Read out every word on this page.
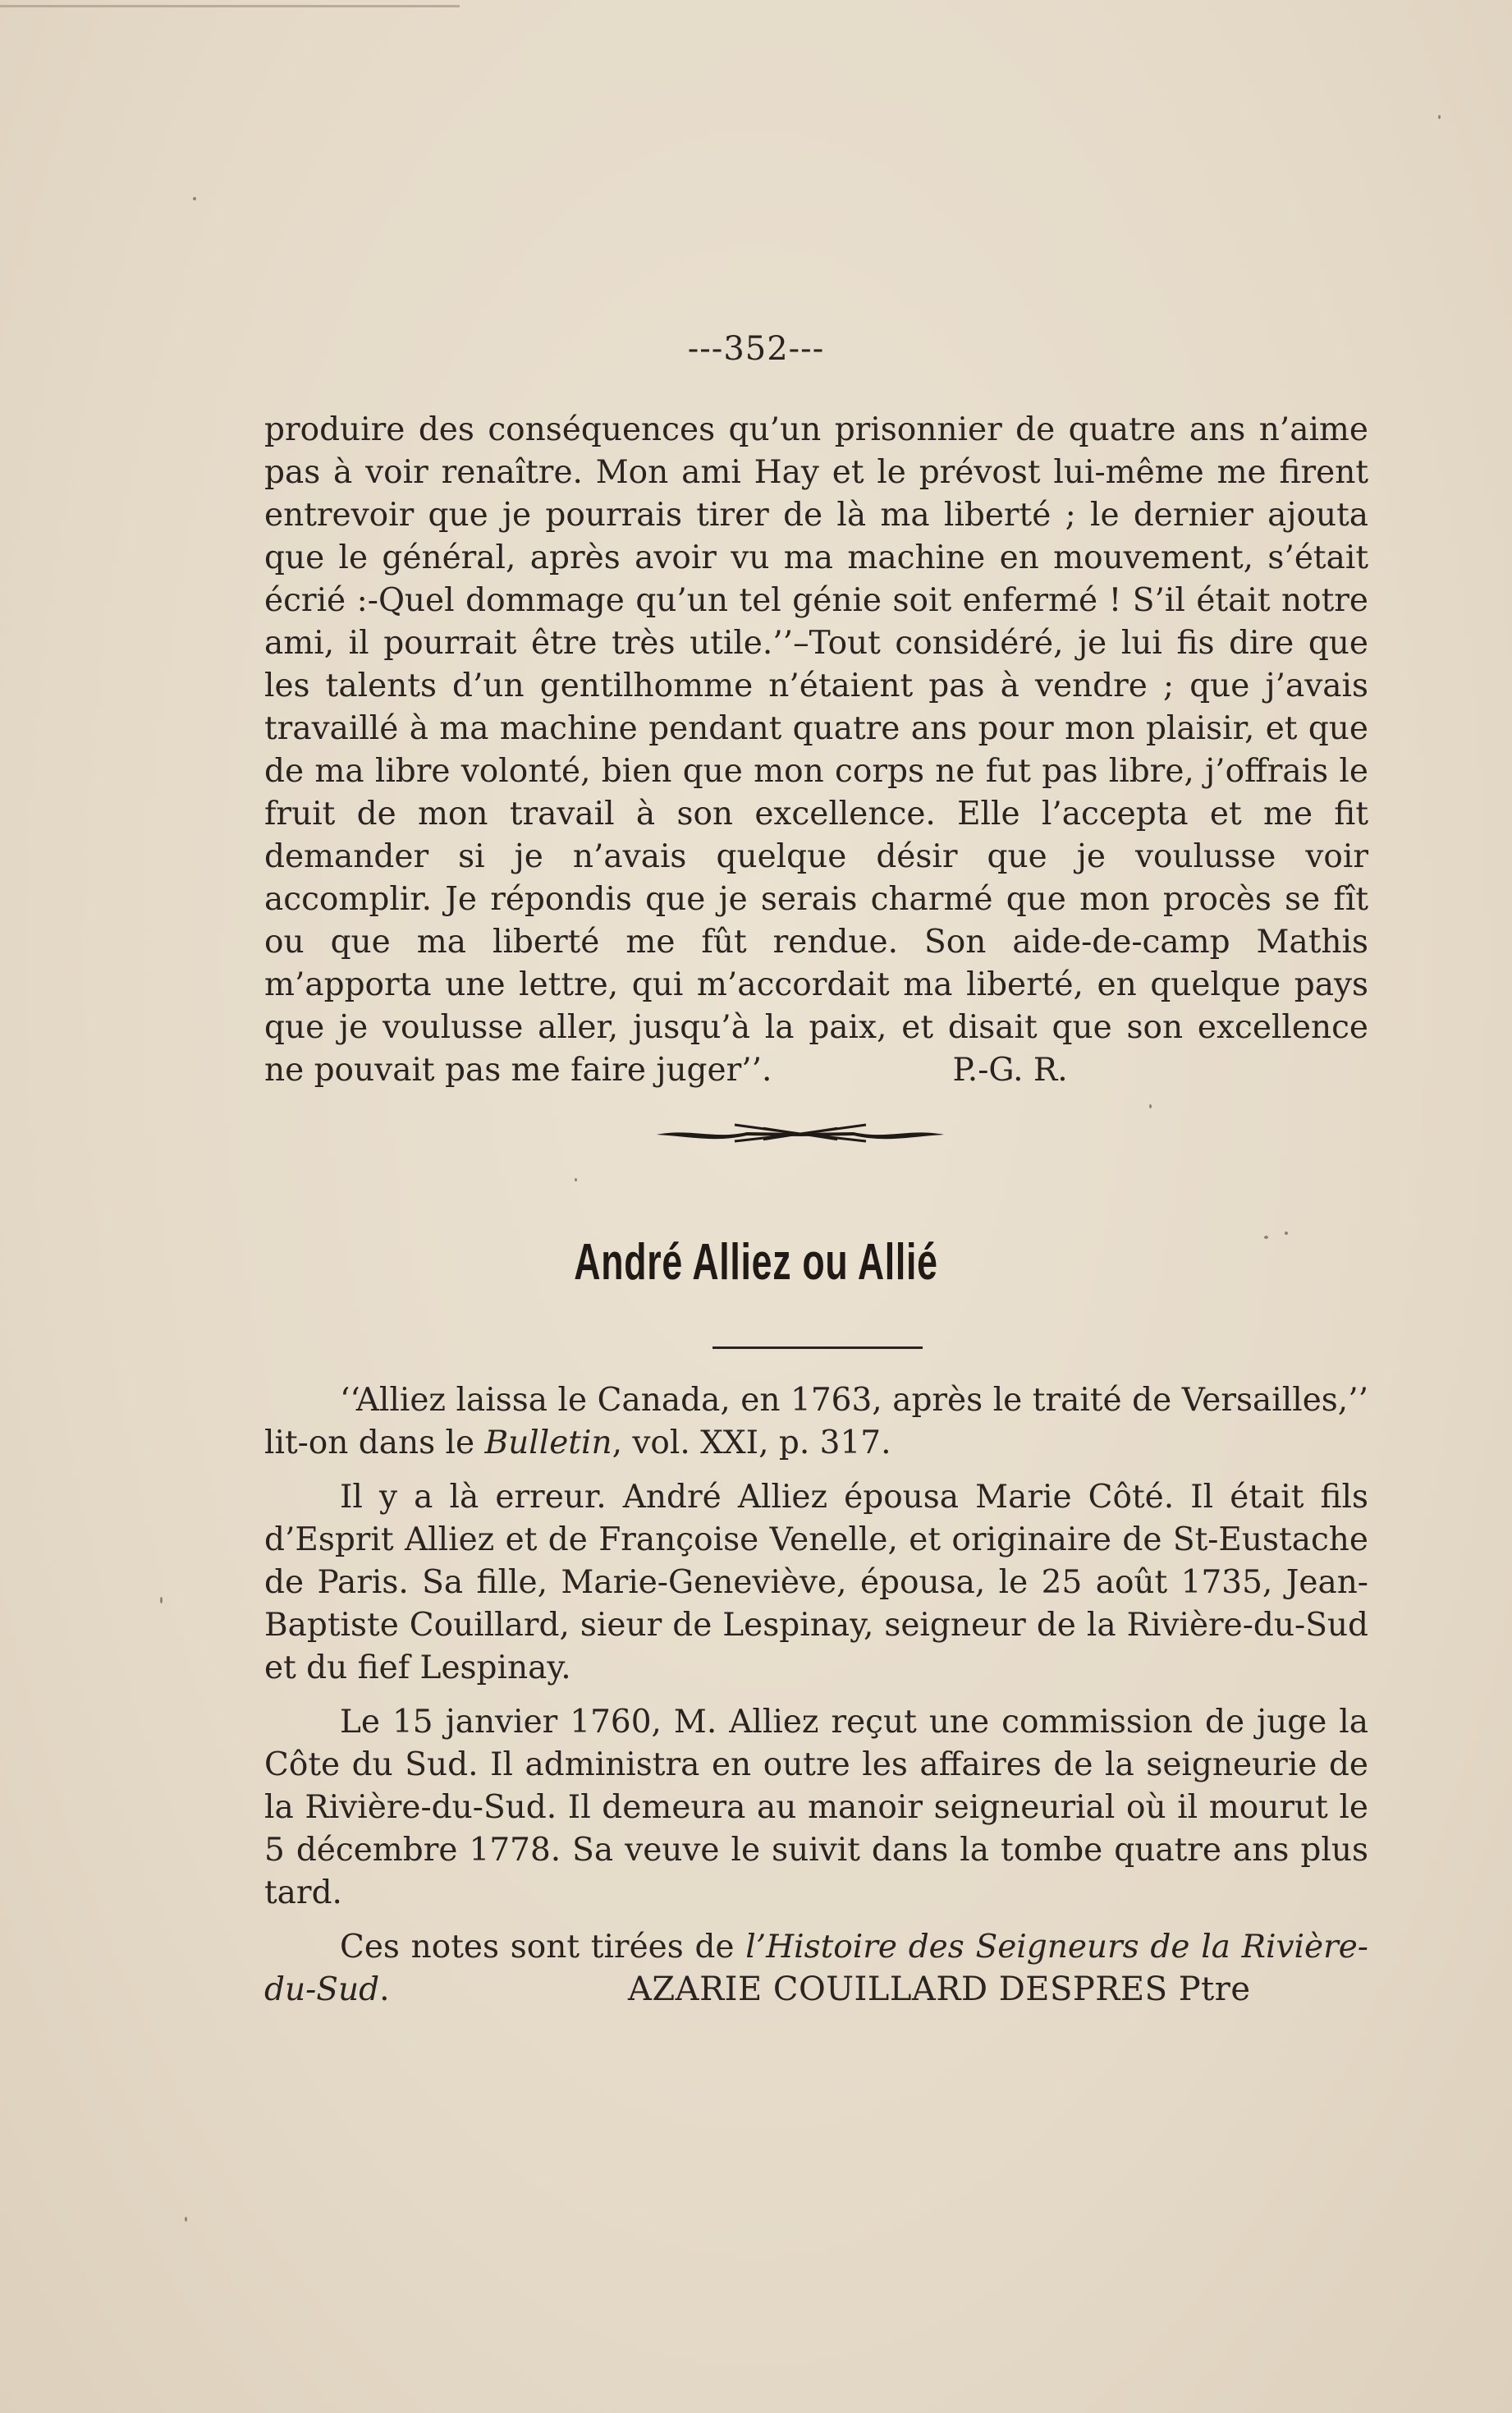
---352---

produire des conséquences qu’un prisonnier de quatre ans n’aime pas à voir renaître. Mon ami Hay et le prévost lui-même me firent entrevoir que je pourrais tirer de là ma liberté ; le dernier ajouta que le général, après avoir vu ma machine en mouvement, s’était écrié :-Quel dommage qu’un tel génie soit enfermé ! S’il était notre ami, il pourrait être très utile.’’–Tout considéré, je lui fis dire que les talents d’un gentilhomme n’étaient pas à vendre ; que j’avais travaillé à ma machine pendant quatre ans pour mon plaisir, et que de ma libre volonté, bien que mon corps ne fut pas libre, j’offrais le fruit de mon travail à son excellence. Elle l’accepta et me fit demander si je n’avais quelque désir que je voulusse voir accomplir. Je répondis que je serais charmé que mon procès se fît ou que ma liberté me fût rendue. Son aide-de-camp Mathis m’apporta une lettre, qui m’accordait ma liberté, en quelque pays que je voulusse aller, jusqu’à la paix, et disait que son excellence ne pouvait pas me faire juger’’.	P.-G. R.

André Alliez ou Allié

‘‘Alliez laissa le Canada, en 1763, après le traité de Versailles,’’ lit-on dans le Bulletin, vol. XXI, p. 317.

Il y a là erreur. André Alliez épousa Marie Côté. Il était fils d’Esprit Alliez et de Françoise Venelle, et originaire de St-Eustache de Paris. Sa fille, Marie-Geneviève, épousa, le 25 août 1735, Jean-Baptiste Couillard, sieur de Lespinay, seigneur de la Rivière-du-Sud et du fief Lespinay.

Le 15 janvier 1760, M. Alliez reçut une commission de juge la Côte du Sud. Il administra en outre les affaires de la seigneurie de la Rivière-du-Sud. Il demeura au manoir seigneurial où il mourut le 5 décembre 1778. Sa veuve le suivit dans la tombe quatre ans plus tard.

Ces notes sont tirées de l’Histoire des Seigneurs de la Rivière-du-Sud.	AZARIE COUILLARD DESPRES Ptre
